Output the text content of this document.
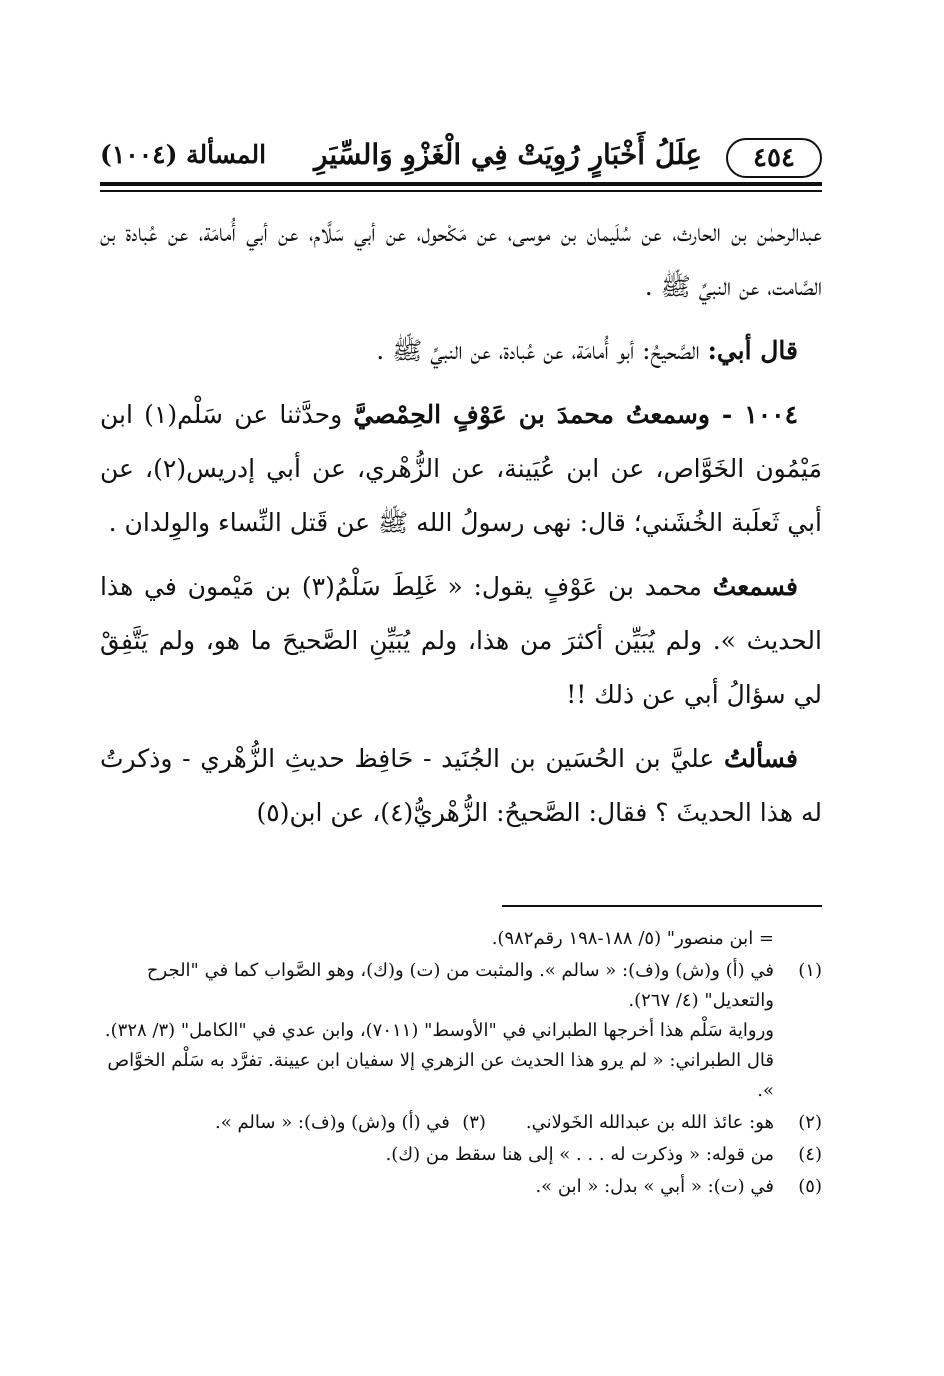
٤٥٤
عِلَلُ أَخْبَارٍ رُوِيَتْ فِي الْغَزْوِ وَالسِّيَرِ
المسألة (١٠٠٤)

عبدالرحمٰن بن الحارث، عن سُلَيمان بن موسى، عن مَكْحول، عن أبي سَلَّام، عن أبي أُمامَة، عن عُبادة بن الصَّامت، عن النبيِّ ﷺ .

قال أبي: الصَّحيحُ: أبو أُمامَة، عن عُبادة، عن النبيِّ ﷺ .

١٠٠٤ - وسمعتُ محمدَ بن عَوْفٍ الحِمْصيَّ وحدَّثنا عن سَلْم(١) ابن مَيْمُون الخَوَّاص، عن ابن عُيَينة، عن الزُّهْري، عن أبي إدريس(٢)، عن أبي ثَعلَبة الخُشَني؛ قال: نهى رسولُ الله ﷺ عن قَتل النِّساء والوِلدان .

فسمعتُ محمد بن عَوْفٍ يقول: « غَلِطَ سَلْمُ(٣) بن مَيْمون في هذا الحديث ». ولم يُبَيِّن أكثرَ من هذا، ولم يُبَيِّنِ الصَّحيحَ ما هو، ولم يَتَّفِقْ لي سؤالُ أبي عن ذلك !!

فسألتُ عليَّ بن الحُسَين بن الجُنَيد - حَافِظ حديثِ الزُّهْري - وذكرتُ له هذا الحديثَ ؟ فقال: الصَّحيحُ: الزُّهْريُّ(٤)، عن ابن(٥)

= ابن منصور" (٥/ ١٨٨-١٩٨ رقم٩٨٢).
(١)
في (أ) و(ش) و(ف): « سالم ». والمثبت من (ت) و(ك)، وهو الصَّواب كما في "الجرح والتعديل" (٤/ ٢٦٧).
ورواية سَلْم هذا أخرجها الطبراني في "الأوسط" (٧٠١١)، وابن عدي في "الكامل" (٣/ ٣٢٨). قال الطبراني: « لم يرو هذا الحديث عن الزهري إلا سفيان ابن عيينة. تفرَّد به سَلْم الخوَّاص ».
(٢)
هو: عائذ الله بن عبدالله الخَولاني.
(٣)
في (أ) و(ش) و(ف): « سالم ».
(٤)
من قوله: « وذكرت له . . . » إلى هنا سقط من (ك).
(٥)
في (ت): « أبي » بدل: « ابن ».
